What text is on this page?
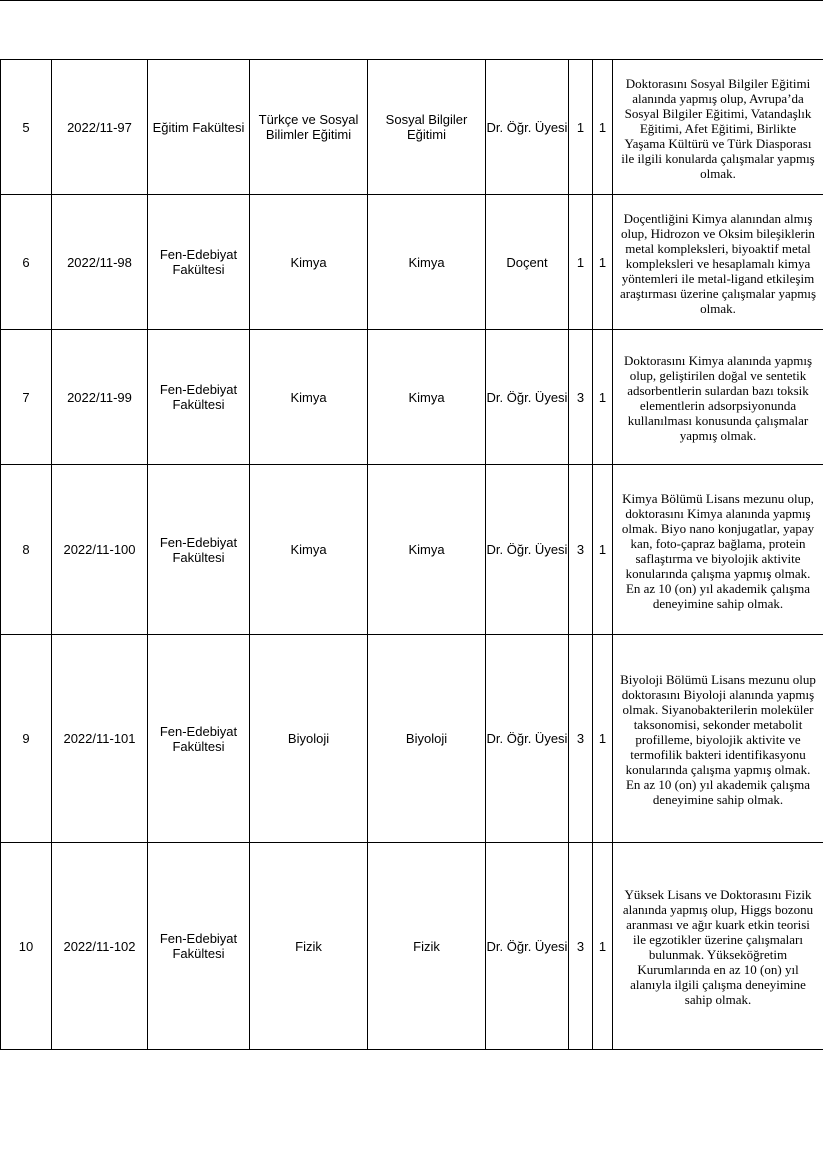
5	2022/11-97	Eğitim Fakültesi	Türkçe ve Sosyal Bilimler Eğitimi	Sosyal Bilgiler Eğitimi	Dr. Öğr. Üyesi	1	1	Doktorasını Sosyal Bilgiler Eğitimi alanında yapmış olup, Avrupa’da Sosyal Bilgiler Eğitimi, Vatandaşlık Eğitimi, Afet Eğitimi, Birlikte Yaşama Kültürü ve Türk Diasporası ile ilgili konularda çalışmalar yapmış olmak.
6	2022/11-98	Fen-Edebiyat Fakültesi	Kimya	Kimya	Doçent	1	1	Doçentliğini Kimya alanından almış olup, Hidrozon ve Oksim bileşiklerin metal kompleksleri, biyoaktif metal kompleksleri ve hesaplamalı kimya yöntemleri ile metal-ligand etkileşim araştırması üzerine çalışmalar yapmış olmak.
7	2022/11-99	Fen-Edebiyat Fakültesi	Kimya	Kimya	Dr. Öğr. Üyesi	3	1	Doktorasını Kimya alanında yapmış olup, geliştirilen doğal ve sentetik adsorbentlerin sulardan bazı toksik elementlerin adsorpsiyonunda kullanılması konusunda çalışmalar yapmış olmak.
8	2022/11-100	Fen-Edebiyat Fakültesi	Kimya	Kimya	Dr. Öğr. Üyesi	3	1	Kimya Bölümü Lisans mezunu olup, doktorasını Kimya alanında yapmış olmak. Biyo nano konjugatlar, yapay kan, foto-çapraz bağlama, protein saflaştırma ve biyolojik aktivite konularında çalışma yapmış olmak. En az 10 (on) yıl akademik çalışma deneyimine sahip olmak.
9	2022/11-101	Fen-Edebiyat Fakültesi	Biyoloji	Biyoloji	Dr. Öğr. Üyesi	3	1	Biyoloji Bölümü Lisans mezunu olup doktorasını Biyoloji alanında yapmış olmak. Siyanobakterilerin moleküler taksonomisi, sekonder metabolit profilleme, biyolojik aktivite ve termofilik bakteri identifikasyonu konularında çalışma yapmış olmak. En az 10 (on) yıl akademik çalışma deneyimine sahip olmak.
10	2022/11-102	Fen-Edebiyat Fakültesi	Fizik	Fizik	Dr. Öğr. Üyesi	3	1	Yüksek Lisans ve Doktorasını Fizik alanında yapmış olup, Higgs bozonu aranması ve ağır kuark etkin teorisi ile egzotikler üzerine çalışmaları bulunmak. Yükseköğretim Kurumlarında en az 10 (on) yıl alanıyla ilgili çalışma deneyimine sahip olmak.
